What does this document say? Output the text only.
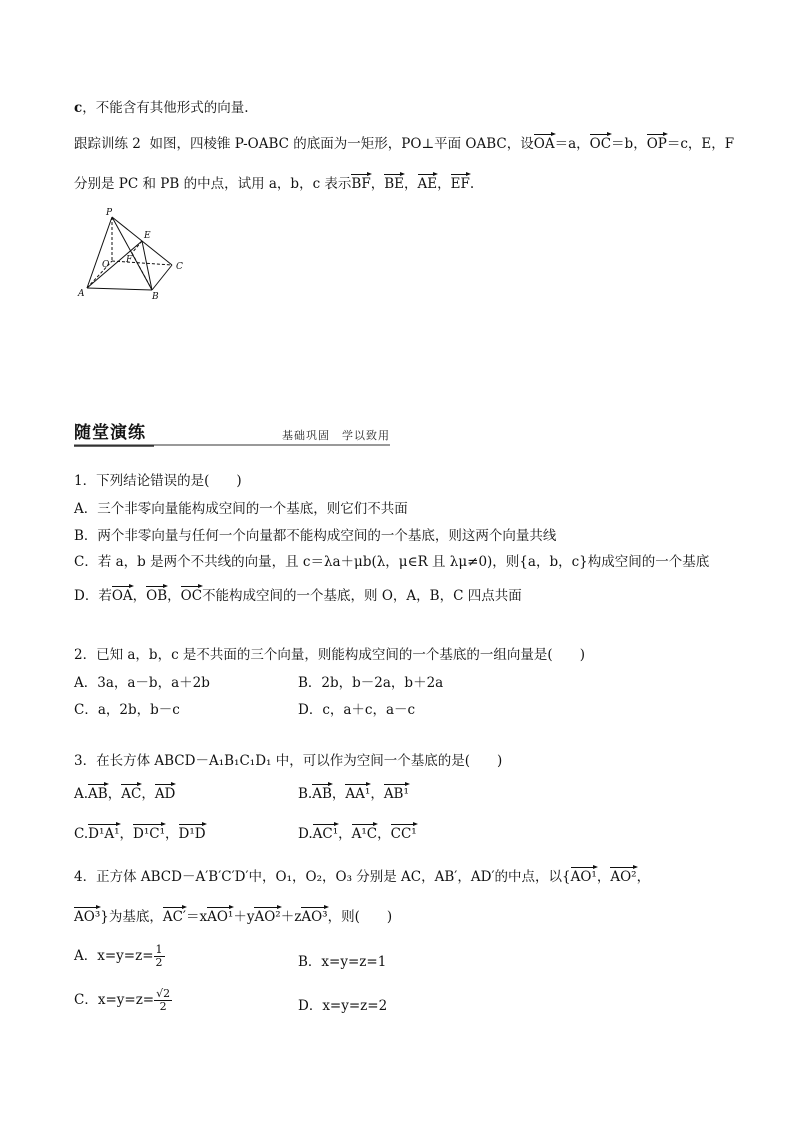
c，不能含有其他形式的向量.
跟踪训练 2 如图，四棱锥 P-OABC 的底面为一矩形，PO⊥平面 OABC，设OA＝a，OC＝b，OP＝c，E，F
分别是 PC 和 PB 的中点，试用 a，b，c 表示BF，BE，AE，EF.
P
E
O F
C
A	B
随堂演练	基础巩固　学以致用
1．下列结论错误的是(　　)
A．三个非零向量能构成空间的一个基底，则它们不共面
B．两个非零向量与任何一个向量都不能构成空间的一个基底，则这两个向量共线
C．若 a，b 是两个不共线的向量，且 c＝λa＋μb(λ，μ∈R 且 λμ≠0)，则{a，b，c}构成空间的一个基底
D．若OA，OB，OC不能构成空间的一个基底，则 O，A，B，C 四点共面
2．已知 a，b，c 是不共面的三个向量，则能构成空间的一个基底的一组向量是(　　)
A．3a，a－b，a＋2b	B．2b，b－2a，b＋2a
C．a，2b，b－c	D．c，a＋c，a－c
3．在长方体 ABCD－A₁B₁C₁D₁ 中，可以作为空间一个基底的是(　　)
A.AB，AC，AD	B.AB，AA¹，AB¹
C.D¹A¹，D¹C¹，D¹D	D.AC¹，A¹C，CC¹
4．正方体 ABCD－A′B′C′D′中，O₁，O₂，O₃ 分别是 AC，AB′，AD′的中点，以{AO¹，AO²，
AO³}为基底，AC′＝xAO¹＋yAO²＋zAO³，则(　　)
A．$x=y=z= \frac{1}{2}$	B．x=y=z=1
C．$x=y=z= \frac{√2}{2}$	D．x=y=z=2
